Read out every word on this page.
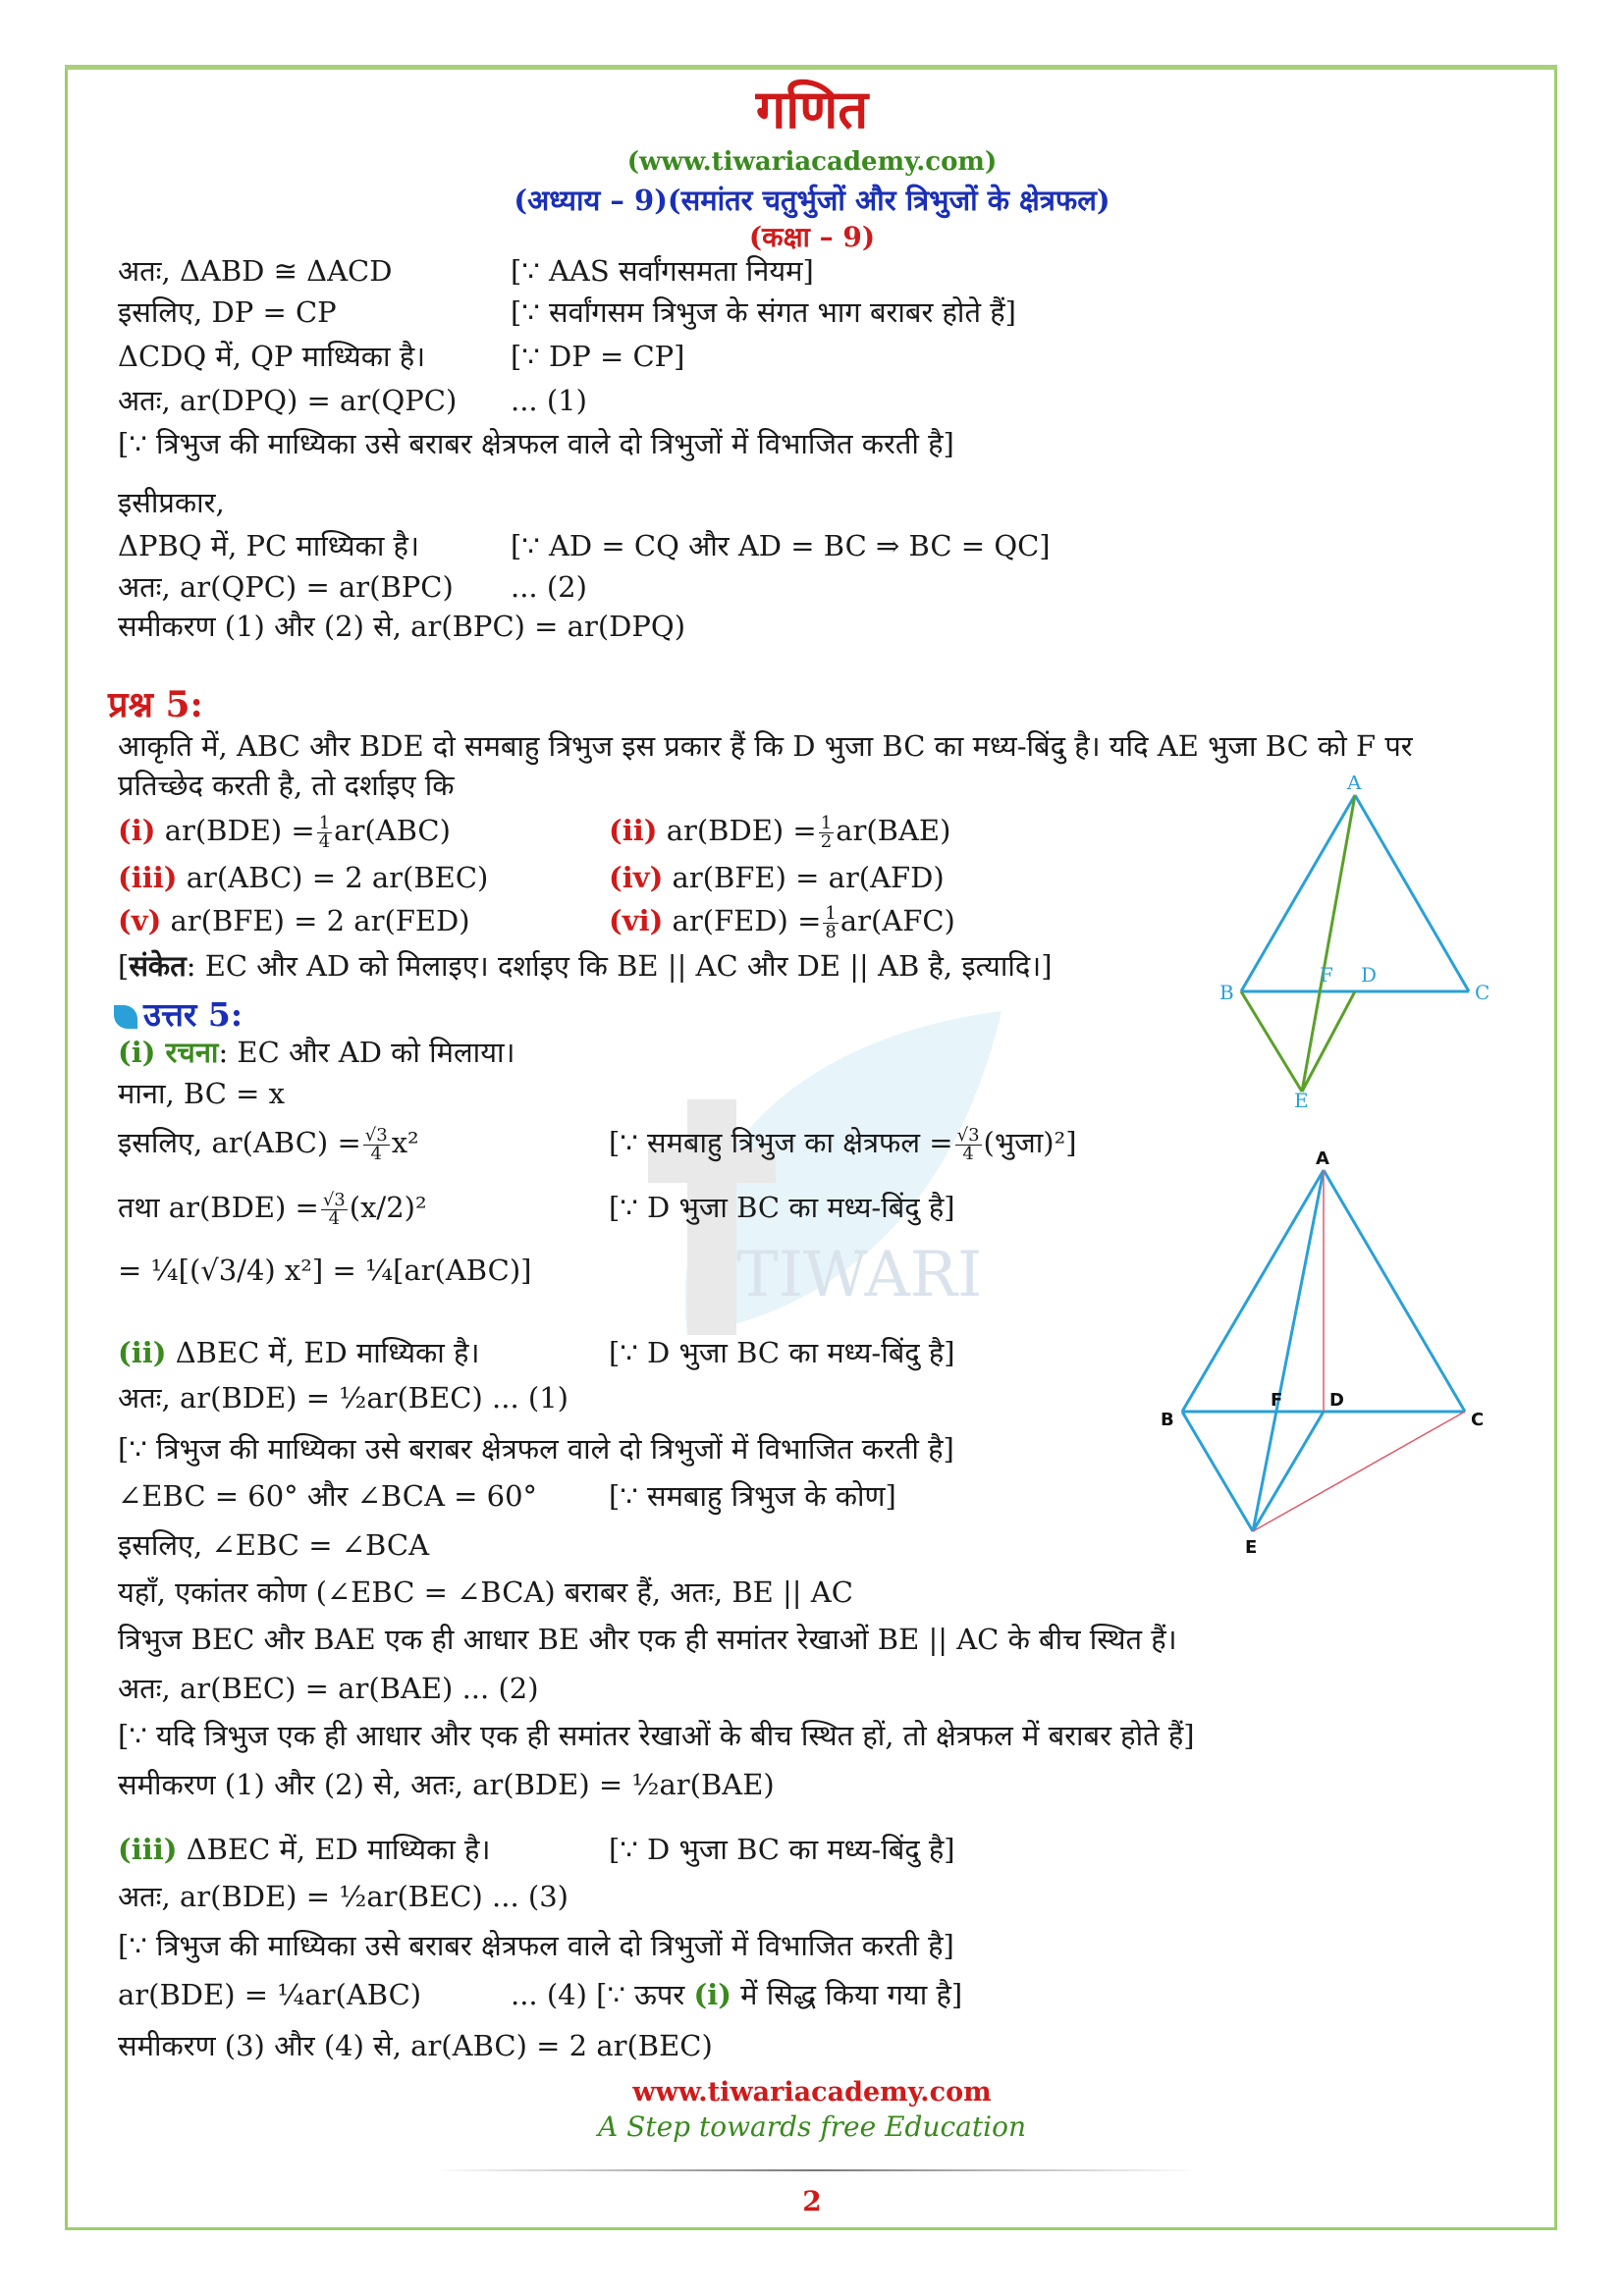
गणित
(www.tiwariacademy.com)
(अध्याय – 9)(समांतर चतुर्भुजों और त्रिभुजों के क्षेत्रफल)
(कक्षा – 9)
TIWARI
अतः, ΔABD ≅ ΔACD	[∵ AAS सर्वांगसमता नियम]
इसलिए, DP = CP	[∵ सर्वांगसम त्रिभुज के संगत भाग बराबर होते हैं]
ΔCDQ में, QP माध्यिका है।	[∵ DP = CP]
अतः, ar(DPQ) = ar(QPC) ... (1)
[∵ त्रिभुज की माध्यिका उसे बराबर क्षेत्रफल वाले दो त्रिभुजों में विभाजित करती है]
इसीप्रकार,
ΔPBQ में, PC माध्यिका है।	[∵ AD = CQ और AD = BC ⇒ BC = QC]
अतः, ar(QPC) = ar(BPC) ... (2)
समीकरण (1) और (2) से, ar(BPC) = ar(DPQ)
प्रश्न 5:
आकृति में, ABC और BDE दो समबाहु त्रिभुज इस प्रकार हैं कि D भुजा BC का मध्य-बिंदु है। यदि AE भुजा BC को F पर
प्रतिच्छेद करती है, तो दर्शाइए कि
(i) $ar(BDE) = \frac{1}{4} ar(ABC)$	(ii) $ar(BDE) = \frac{1}{2} ar(BAE)$
(iii) ar(ABC) = 2 ar(BEC)	(iv) ar(BFE) = ar(AFD)
(v) ar(BFE) = 2 ar(FED)	(vi) $ar(FED) = \frac{1}{8} ar(AFC)$
[संकेत: EC और AD को मिलाइए। दर्शाइए कि BE || AC और DE || AB है, इत्यादि।]
उत्तर 5:
(i) रचना: EC और AD को मिलाया।
माना, BC = x
इसलिए, $ar(ABC) = \frac{√3}{4} x^2$	[∵ समबाहु त्रिभुज का क्षेत्रफल = $\frac{√3}{4}$ (भुजा)²]
तथा $ar(BDE) = \frac{√3}{4} (x/2)^2$	[∵ D भुजा BC का मध्य-बिंदु है]
= ¼[(√3/4) x²] = ¼[ar(ABC)]
(ii) ΔBEC में, ED माध्यिका है।	[∵ D भुजा BC का मध्य-बिंदु है]
अतः, ar(BDE) = ½ar(BEC) ... (1)
[∵ त्रिभुज की माध्यिका उसे बराबर क्षेत्रफल वाले दो त्रिभुजों में विभाजित करती है]
∠EBC = 60° और ∠BCA = 60°	[∵ समबाहु त्रिभुज के कोण]
इसलिए, ∠EBC = ∠BCA
यहाँ, एकांतर कोण (∠EBC = ∠BCA) बराबर हैं, अतः, BE || AC
त्रिभुज BEC और BAE एक ही आधार BE और एक ही समांतर रेखाओं BE || AC के बीच स्थित हैं।
अतः, ar(BEC) = ar(BAE) ... (2)
[∵ यदि त्रिभुज एक ही आधार और एक ही समांतर रेखाओं के बीच स्थित हों, तो क्षेत्रफल में बराबर होते हैं]
समीकरण (1) और (2) से, अतः, ar(BDE) = ½ar(BAE)
(iii) ΔBEC में, ED माध्यिका है।	[∵ D भुजा BC का मध्य-बिंदु है]
अतः, ar(BDE) = ½ar(BEC) ... (3)
[∵ त्रिभुज की माध्यिका उसे बराबर क्षेत्रफल वाले दो त्रिभुजों में विभाजित करती है]
ar(BDE) = ¼ar(ABC)	... (4) [∵ ऊपर (i) में सिद्ध किया गया है]
समीकरण (3) और (4) से, ar(ABC) = 2 ar(BEC)
A
B	C
D
F
E
A
B	C
D
F
E
www.tiwariacademy.com
A Step towards free Education
2
